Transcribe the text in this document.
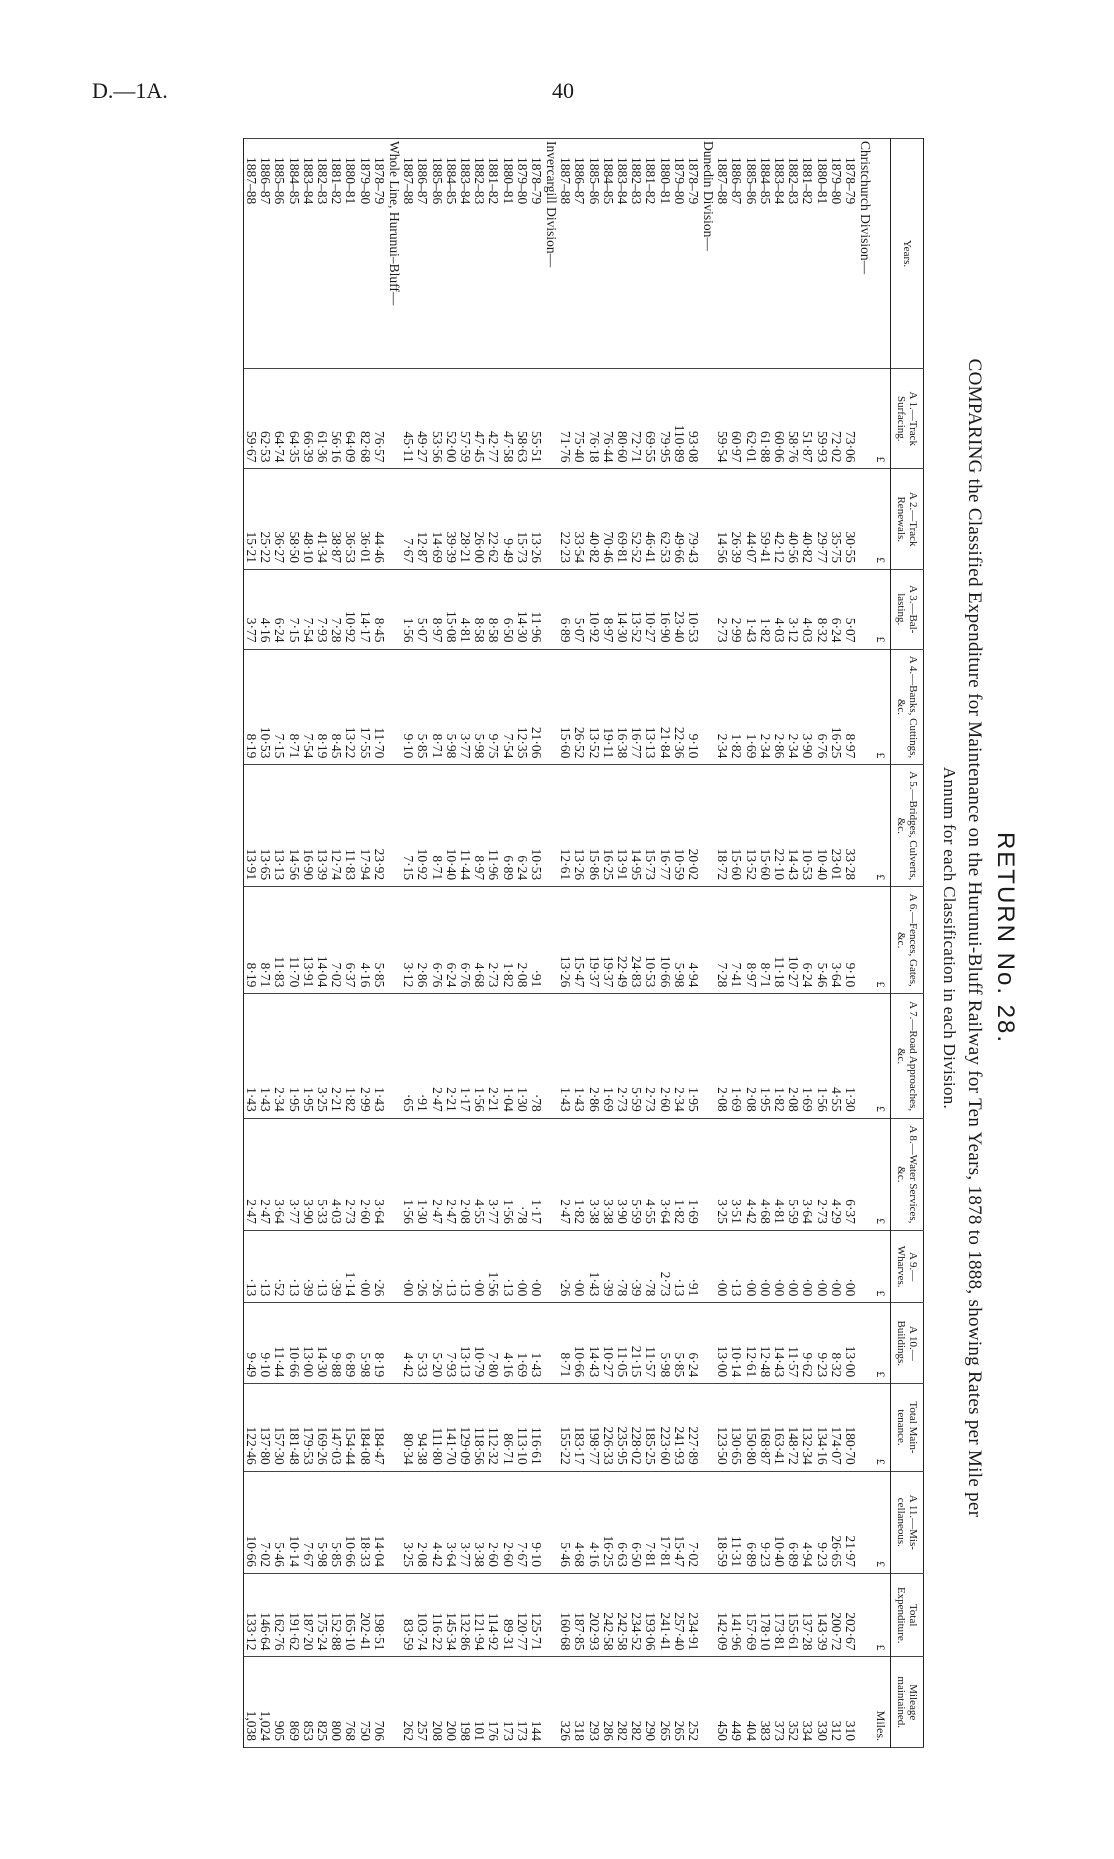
D.—1A.	40
RETURN No. 28.
COMPARING the Classified Expenditure for Maintenance on the Hurunui-Bluff Railway for Ten Years, 1878 to 1888, showing Rates per Mile per
Annum for each Classification in each Division.
Years.	A 1.—Track Surfacing.	A 2.—Track Renewals.	A 3.—Bal-lasting.	A 4.—Banks, Cuttings, &c.	A 5.—Bridges, Culverts, &c.	A 6.—Fences, Gates, &c.	A 7.—Road Approaches, &c.	A 8.—Water Services, &c.	A 9.—Wharves.	A 10.—Buildings.	Total Main-tenance.	A 11.—Mis-cellaneous.	Total Expenditure.	Mileage maintained.
	£	£	£	£	£	£	£	£	£	£	£	£	£	Miles.
Christchurch Division—														
1878–79	73·06	30·55	5·07	8·97	33·28	9·10	1·30	6·37	·00	13·00	180·70	21·97	202·67	310
1879–80	72·02	35·75	6·24	16·25	23·01	3·64	4·55	4·29	·00	8·32	174·07	26·65	200·72	312
1880–81	59·93	29·77	8·32	6·76	10·40	5·46	1·56	2·73	·00	9·23	134·16	9·23	143·39	330
1881–82	51·87	40·82	4·03	3·90	10·53	6·24	1·69	3·64	·00	9·62	132·34	4·94	137·28	334
1882–83	58·76	40·56	3·12	2·34	14·43	10·27	2·08	5·59	·00	11·57	148·72	6·89	155·61	352
1883–84	60·06	42·12	4·03	2·86	22·10	11·18	1·82	4·81	·00	14·43	163·41	10·40	173·81	373
1884–85	61·88	59·41	1·82	2·34	15·60	8·71	1·95	4·68	·00	12·48	168·87	9·23	178·10	383
1885–86	62·01	44·07	1·43	1·69	13·52	8·97	2·08	4·42	·00	12·61	150·80	6·89	157·69	404
1886–87	60·97	26·39	2·99	1·82	15·60	7·41	1·69	3·51	·13	10·14	130·65	11·31	141·96	449
1887–88	59·54	14·56	2·73	2·34	18·72	7·28	2·08	3·25	·00	13·00	123·50	18·59	142·09	450
Dunedin Division—														
1878–79	93·08	79·43	10·53	9·10	20·02	4·94	1·95	1·69	·91	6·24	227·89	7·02	234·91	252
1879–80	110·89	49·66	23·40	22·36	10·59	5·98	2·34	1·82	·13	5·85	241·93	15·47	257·40	265
1880–81	79·95	62·53	16·90	21·84	16·77	10·66	2·60	3·64	2·73	5·98	223·60	17·81	241·41	265
1881–82	69·55	46·41	10·27	13·13	15·73	10·53	2·73	4·55	·78	11·57	185·25	7·81	193·06	290
1882–83	72·71	52·52	13·52	16·77	14·95	24·83	5·59	5·59	·39	21·15	228·02	6·50	234·52	282
1883–84	80·60	69·81	14·30	16·38	13·91	22·49	2·73	3·90	·78	11·05	235·95	6·63	242·58	282
1884–85	76·44	70·46	8·97	19·11	16·25	19·37	1·69	3·38	·39	10·27	226·33	16·25	242·58	286
1885–86	76·18	40·82	10·92	13·52	15·86	19·37	2·86	3·38	1·43	14·43	198·77	4·16	202·93	293
1886–87	75·40	33·54	5·07	26·52	13·26	15·47	1·43	1·82	·00	10·66	183·17	4·68	187·85	318
1887–88	71·76	22·23	6·89	15·60	12·61	13·26	1·43	2·47	·26	8·71	155·22	5·46	160·68	326
Invercargill Division—														
1878–79	55·51	13·26	11·96	21·06	10·53	·91	·78	1·17	·00	1·43	116·61	9·10	125·71	144
1879–80	58·63	15·73	14·30	12·35	6·24	2·08	1·30	·78	·00	1·69	113·10	7·67	120·77	173
1880–81	47·58	9·49	6·50	7·54	6·89	1·82	1·04	1·56	·13	4·16	86·71	2·60	89·31	173
1881–82	42·77	22·62	8·58	9·75	11·96	2·73	2·21	3·77	1·56	7·80	112·32	2·60	114·92	176
1882–83	47·45	26·00	8·58	5·98	8·97	4·68	1·56	4·55	·00	10·79	118·56	3·38	121·94	101
1883–84	57·59	28·21	4·81	3·77	11·44	6·76	1·17	2·08	·13	13·13	129·09	3·77	132·86	198
1884–85	52·00	39·39	15·08	5·98	10·40	6·24	2·21	2·47	·13	7·93	141·70	3·64	145·34	200
1885–86	53·56	14·69	8·97	8·71	8·71	6·76	2·47	2·47	·26	5·20	111·80	4·42	116·22	208
1886–87	49·27	12·87	5·07	5·85	10·92	2·86	·91	1·30	·26	5·33	94·38	2·08	103·74	257
1887–88	45·11	7·67	1·56	9·10	7·15	3·12	·65	1·56	·00	4·42	80·34	3·25	83·59	262
Whole Line, Hurunui–Bluff—														
1878–79	76·57	44·46	8·45	11·70	23·92	5·85	1·43	3·64	·26	8·19	184·47	14·04	198·51	706
1879–80	82·68	36·01	14·17	17·55	17·94	4·16	2·99	2·60	·00	5·98	184·08	18·33	202·41	750
1880–81	64·09	36·53	10·92	13·22	11·83	6·37	1·82	2·73	1·14	6·89	154·44	10·66	165·10	768
1881–82	56·16	38·87	7·28	8·45	12·74	7·02	2·21	4·03	·39	9·88	147·03	5·85	152·88	800
1882–83	61·36	41·34	7·93	8·19	13·39	14·04	3·25	5·33	·13	14·30	169·26	5·98	175·24	825
1883–84	66·39	48·10	7·54	7·54	16·90	13·91	1·95	3·90	·39	13·00	179·53	7·67	187·20	853
1884–85	64·35	58·50	7·15	8·71	14·56	11·70	1·95	3·77	·13	10·66	181·48	10·14	191·62	869
1885–86	64·74	36·27	6·24	7·15	13·13	11·83	2·34	3·64	·52	11·44	157·30	5·46	162·76	905
1886–87	62·53	25·22	4·16	10·53	13·65	8·71	1·43	2·47	·13	9·10	137·80	7·02	146·64	1,024
1887–88	59·67	15·21	3·77	8·19	13·91	8·19	1·43	2·47	·13	9·49	122·46	10·66	133·12	1,038
